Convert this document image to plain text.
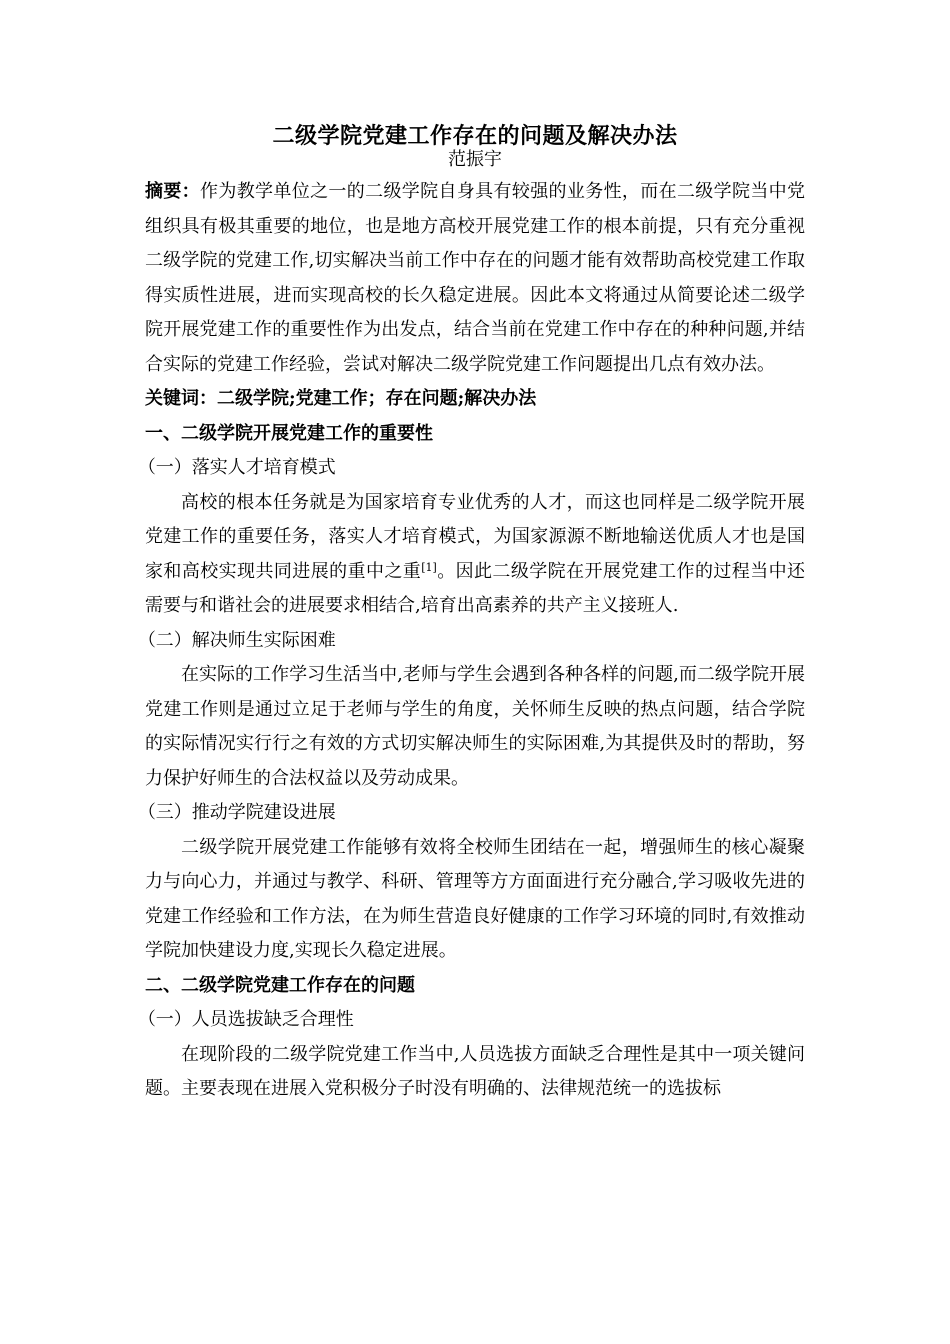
二级学院党建工作存在的问题及解决办法
范振宇

摘要：作为教学单位之一的二级学院自身具有较强的业务性，而在二级学院当中党组织具有极其重要的地位，也是地方高校开展党建工作的根本前提，只有充分重视二级学院的党建工作,切实解决当前工作中存在的问题才能有效帮助高校党建工作取得实质性进展，进而实现高校的长久稳定进展。因此本文将通过从简要论述二级学院开展党建工作的重要性作为出发点，结合当前在党建工作中存在的种种问题,并结合实际的党建工作经验，尝试对解决二级学院党建工作问题提出几点有效办法。

关键词：二级学院;党建工作；存在问题;解决办法

一、二级学院开展党建工作的重要性

（一）落实人才培育模式

高校的根本任务就是为国家培育专业优秀的人才，而这也同样是二级学院开展党建工作的重要任务，落实人才培育模式，为国家源源不断地输送优质人才也是国家和高校实现共同进展的重中之重[1]。因此二级学院在开展党建工作的过程当中还需要与和谐社会的进展要求相结合,培育出高素养的共产主义接班人.

（二）解决师生实际困难

在实际的工作学习生活当中,老师与学生会遇到各种各样的问题,而二级学院开展党建工作则是通过立足于老师与学生的角度，关怀师生反映的热点问题，结合学院的实际情况实行行之有效的方式切实解决师生的实际困难,为其提供及时的帮助，努力保护好师生的合法权益以及劳动成果。

（三）推动学院建设进展

二级学院开展党建工作能够有效将全校师生团结在一起，增强师生的核心凝聚力与向心力，并通过与教学、科研、管理等方方面面进行充分融合,学习吸收先进的党建工作经验和工作方法，在为师生营造良好健康的工作学习环境的同时,有效推动学院加快建设力度,实现长久稳定进展。

二、二级学院党建工作存在的问题

（一）人员选拔缺乏合理性

在现阶段的二级学院党建工作当中,人员选拔方面缺乏合理性是其中一项关键问题。主要表现在进展入党积极分子时没有明确的、法律规范统一的选拔标
